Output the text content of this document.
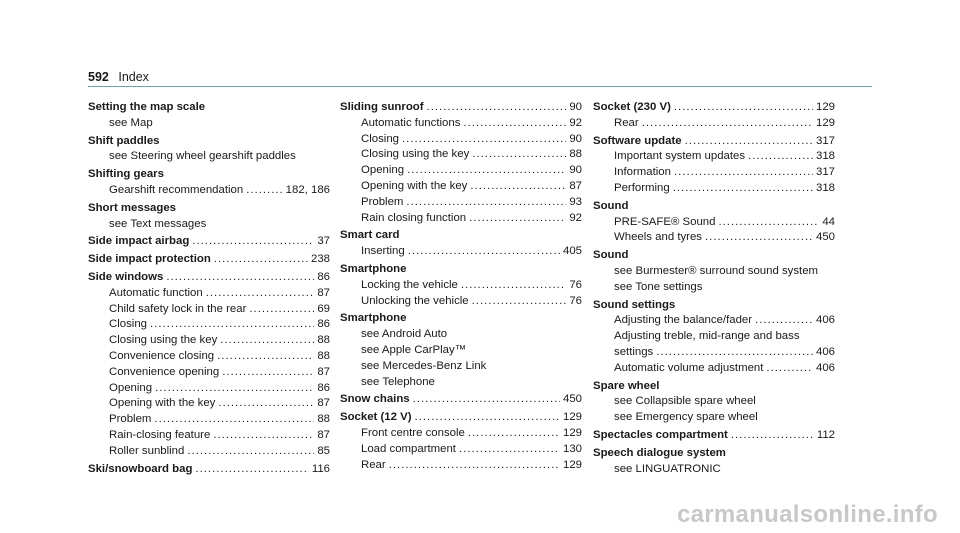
592 Index
Setting the map scale
see Map
Shift paddles
see Steering wheel gearshift paddles
Shifting gears
Gearshift recommendation .....	182, 186
Short messages
see Text messages
Side impact airbag .....	37
Side impact protection .....	238
Side windows .....	86
Automatic function .....	87
Child safety lock in the rear .....	69
Closing .....	86
Closing using the key .....	88
Convenience closing .....	88
Convenience opening .....	87
Opening .....	86
Opening with the key .....	87
Problem .....	88
Rain-closing feature .....	87
Roller sunblind .....	85
Ski/snowboard bag .....	116
Sliding sunroof .....	90
Automatic functions .....	92
Closing .....	90
Closing using the key .....	88
Opening .....	90
Opening with the key .....	87
Problem .....	93
Rain closing function .....	92
Smart card
Inserting .....	405
Smartphone
Locking the vehicle .....	76
Unlocking the vehicle .....	76
Smartphone
see Android Auto
see Apple CarPlay™
see Mercedes-Benz Link
see Telephone
Snow chains .....	450
Socket (12 V) .....	129
Front centre console .....	129
Load compartment .....	130
Rear .....	129
Socket (230 V) .....	129
Rear .....	129
Software update .....	317
Important system updates .....	318
Information .....	317
Performing .....	318
Sound
PRE-SAFE® Sound .....	44
Wheels and tyres .....	450
Sound
see Burmester® surround sound system
see Tone settings
Sound settings
Adjusting the balance/fader .....	406
Adjusting treble, mid-range and bass
settings .....	406
Automatic volume adjustment .....	406
Spare wheel
see Collapsible spare wheel
see Emergency spare wheel
Spectacles compartment .....	112
Speech dialogue system
see LINGUATRONIC
carmanualsonline.info
